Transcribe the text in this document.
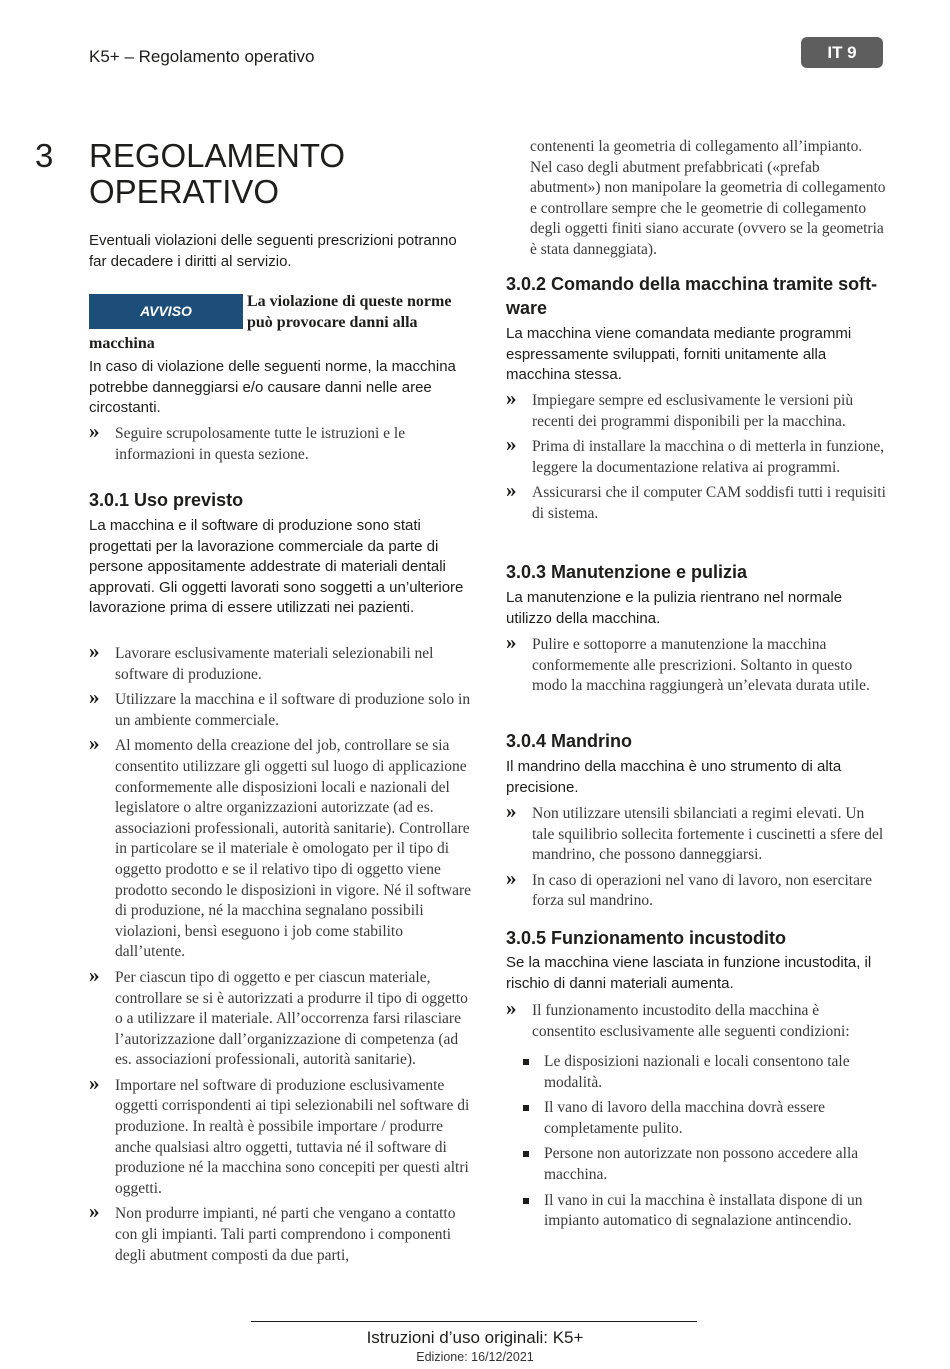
K5+ – Regolamento operativo	IT 9
3 REGOLAMENTO
OPERATIVO

Eventuali violazioni delle seguenti prescrizioni potranno far decadere i diritti al servizio.

AVVISO
La violazione di queste norme
può provocare danni alla
macchina

In caso di violazione delle seguenti norme, la macchina potrebbe danneggiarsi e/o causare danni nelle aree circostanti.

» Seguire scrupolosamente tutte le istruzioni e le informazioni in questa sezione.
3.0.1 Uso previsto

La macchina e il software di produzione sono stati progettati per la lavorazione commerciale da parte di persone appositamente addestrate di materiali dentali approvati. Gli oggetti lavorati sono soggetti a un’ulteriore lavorazione prima di essere utilizzati nei pazienti.

» Lavorare esclusivamente materiali selezionabili nel software di produzione.
» Utilizzare la macchina e il software di produzione solo in un ambiente commerciale.
» Al momento della creazione del job, controllare se sia consentito utilizzare gli oggetti sul luogo di applicazione conformemente alle disposizioni locali e nazionali del legislatore o altre organizzazioni autorizzate (ad es. associazioni professionali, autorità sanitarie). Controllare in particolare se il materiale è omologato per il tipo di oggetto prodotto e se il relativo tipo di oggetto viene prodotto secondo le disposizioni in vigore. Né il software di produzione, né la macchina segnalano possibili violazioni, bensì eseguono i job come stabilito dall’utente.
» Per ciascun tipo di oggetto e per ciascun materiale, controllare se si è autorizzati a produrre il tipo di oggetto o a utilizzare il materiale. All’occorrenza farsi rilasciare l’autorizzazione dall’organizzazione di competenza (ad es. associazioni professionali, autorità sanitarie).
» Importare nel software di produzione esclusivamente oggetti corrispondenti ai tipi selezionabili nel software di produzione. In realtà è possibile importare / produrre anche qualsiasi altro oggetti, tuttavia né il software di produzione né la macchina sono concepiti per questi altri oggetti.
» Non produrre impianti, né parti che vengano a contatto con gli impianti. Tali parti comprendono i componenti degli abutment composti da due parti,

contenenti la geometria di collegamento all’impianto. Nel caso degli abutment prefabbricati («prefab abutment») non manipolare la geometria di collegamento e controllare sempre che le geometrie di collegamento degli oggetti finiti siano accurate (ovvero se la geometria è stata danneggiata).

3.0.2 Comando della macchina tramite soft-
ware

La macchina viene comandata mediante programmi espressamente sviluppati, forniti unitamente alla macchina stessa.

» Impiegare sempre ed esclusivamente le versioni più recenti dei programmi disponibili per la macchina.
» Prima di installare la macchina o di metterla in funzione, leggere la documentazione relativa ai programmi.
» Assicurarsi che il computer CAM soddisfi tutti i requisiti di sistema.
3.0.3 Manutenzione e pulizia

La manutenzione e la pulizia rientrano nel normale utilizzo della macchina.

» Pulire e sottoporre a manutenzione la macchina conformemente alle prescrizioni. Soltanto in questo modo la macchina raggiungerà un’elevata durata utile.
3.0.4 Mandrino

Il mandrino della macchina è uno strumento di alta precisione.

» Non utilizzare utensili sbilanciati a regimi elevati. Un tale squilibrio sollecita fortemente i cuscinetti a sfere del mandrino, che possono danneggiarsi.
» In caso di operazioni nel vano di lavoro, non esercitare forza sul mandrino.
3.0.5 Funzionamento incustodito

Se la macchina viene lasciata in funzione incustodita, il rischio di danni materiali aumenta.

» Il funzionamento incustodito della macchina è consentito esclusivamente alle seguenti condizioni:
Le disposizioni nazionali e locali consentono tale modalità.
Il vano di lavoro della macchina dovrà essere completamente pulito.
Persone non autorizzate non possono accedere alla macchina.
Il vano in cui la macchina è installata dispone di un impianto automatico di segnalazione antincendio.
Istruzioni d’uso originali: K5+
Edizione: 16/12/2021
